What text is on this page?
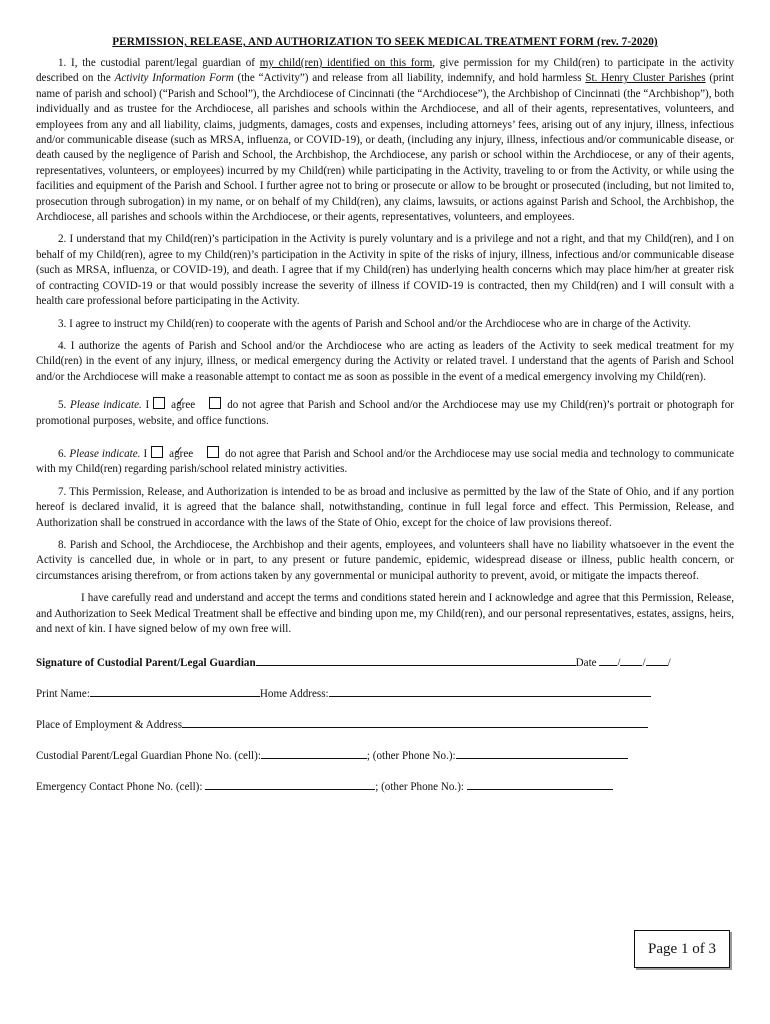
PERMISSION, RELEASE, AND AUTHORIZATION TO SEEK MEDICAL TREATMENT FORM (rev. 7-2020)

1. I, the custodial parent/legal guardian of my child(ren) identified on this form, give permission for my Child(ren) to participate in the activity described on the Activity Information Form (the “Activity”) and release from all liability, indemnify, and hold harmless St. Henry Cluster Parishes (print name of parish and school) (“Parish and School”), the Archdiocese of Cincinnati (the “Archdiocese”), the Archbishop of Cincinnati (the “Archbishop”), both individually and as trustee for the Archdiocese, all parishes and schools within the Archdiocese, and all of their agents, representatives, volunteers, and employees from any and all liability, claims, judgments, damages, costs and expenses, including attorneys’ fees, arising out of any injury, illness, infectious and/or communicable disease (such as MRSA, influenza, or COVID-19), or death, (including any injury, illness, infectious and/or communicable disease, or death caused by the negligence of Parish and School, the Archbishop, the Archdiocese, any parish or school within the Archdiocese, or any of their agents, representatives, volunteers, or employees) incurred by my Child(ren) while participating in the Activity, traveling to or from the Activity, or while using the facilities and equipment of the Parish and School. I further agree not to bring or prosecute or allow to be brought or prosecuted (including, but not limited to, prosecution through subrogation) in my name, or on behalf of my Child(ren), any claims, lawsuits, or actions against Parish and School, the Archbishop, the Archdiocese, all parishes and schools within the Archdiocese, or their agents, representatives, volunteers, and employees.

2. I understand that my Child(ren)’s participation in the Activity is purely voluntary and is a privilege and not a right, and that my Child(ren), and I on behalf of my Child(ren), agree to my Child(ren)’s participation in the Activity in spite of the risks of injury, illness, infectious and/or communicable disease (such as MRSA, influenza, or COVID-19), and death. I agree that if my Child(ren) has underlying health concerns which may place him/her at greater risk of contracting COVID-19 or that would possibly increase the severity of illness if COVID-19 is contracted, then my Child(ren) and I will consult with a health care professional before participating in the Activity.

3. I agree to instruct my Child(ren) to cooperate with the agents of Parish and School and/or the Archdiocese who are in charge of the Activity.

4. I authorize the agents of Parish and School and/or the Archdiocese who are acting as leaders of the Activity to seek medical treatment for my Child(ren) in the event of any injury, illness, or medical emergency during the Activity or related travel. I understand that the agents of Parish and School and/or the Archdiocese will make a reasonable attempt to contact me as soon as possible in the event of a medical emergency involving my Child(ren).

5. Please indicate. I ✓ agree	do not agree that Parish and School and/or the Archdiocese may use my Child(ren)’s portrait or photograph for promotional purposes, website, and office functions.

6. Please indicate. I ✓ agree	do not agree that Parish and School and/or the Archdiocese may use social media and technology to communicate with my Child(ren) regarding parish/school related ministry activities.

7. This Permission, Release, and Authorization is intended to be as broad and inclusive as permitted by the law of the State of Ohio, and if any portion hereof is declared invalid, it is agreed that the balance shall, notwithstanding, continue in full legal force and effect. This Permission, Release, and Authorization shall be construed in accordance with the laws of the State of Ohio, except for the choice of law provisions thereof.

8. Parish and School, the Archdiocese, the Archbishop and their agents, employees, and volunteers shall have no liability whatsoever in the event the Activity is cancelled due, in whole or in part, to any present or future pandemic, epidemic, widespread disease or illness, public health concern, or circumstances arising therefrom, or from actions taken by any governmental or municipal authority to prevent, avoid, or mitigate the impacts thereof.

I have carefully read and understand and accept the terms and conditions stated herein and I acknowledge and agree that this Permission, Release, and Authorization to Seek Medical Treatment shall be effective and binding upon me, my Child(ren), and our personal representatives, estates, assigns, heirs, and next of kin. I have signed below of my own free will.

Signature of Custodial Parent/Legal Guardian	Date / / /
Print Name:	Home Address:
Place of Employment & Address
Custodial Parent/Legal Guardian Phone No. (cell):	; (other Phone No.):
Emergency Contact Phone No. (cell):	; (other Phone No.):
Page 1 of 3
